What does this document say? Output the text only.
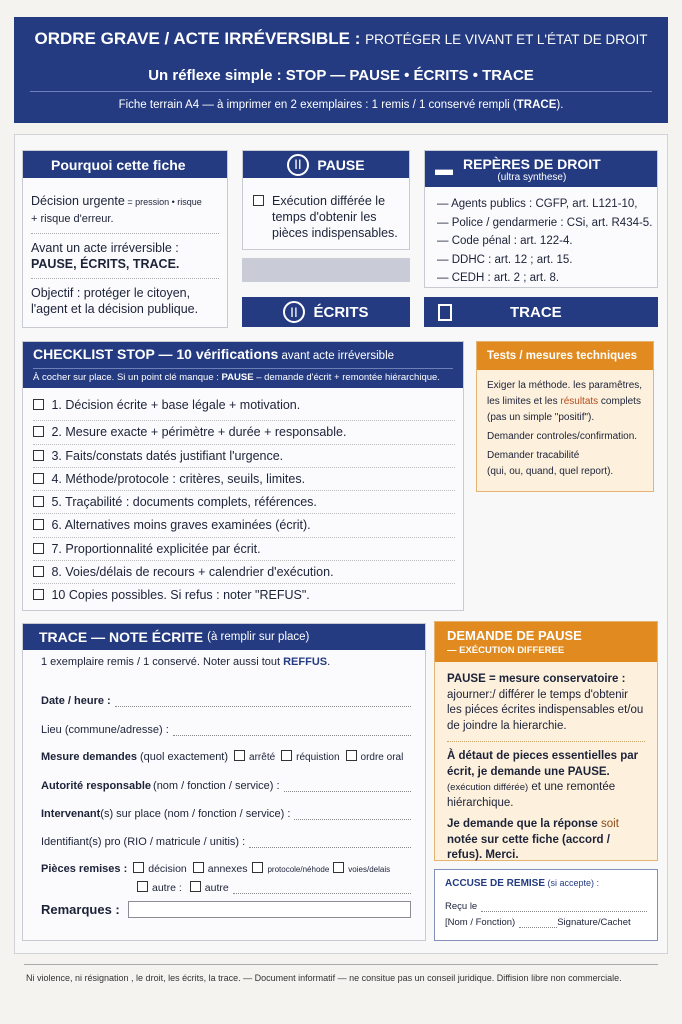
ORDRE GRAVE / ACTE IRRÉVERSIBLE : PROTÉGER LE VIVANT ET L'ÉTAT DE DROIT
Un réflexe simple : STOP — PAUSE • ÉCRITS • TRACE
Fiche terrain A4 — à imprimer en 2 exemplaires : 1 remis / 1 conservé rempli (TRACE).
Pourquoi cette fiche
Décision urgente = pression • risque
+ risque d'erreur.
Avant un acte irréversible :
PAUSE, ÉCRITS, TRACE.
Objectif : protéger le citoyen, l'agent et la décision publique.
||	PAUSE
Exécution différée le temps d'obtenir les pièces indispensables.
▬ REPÈRES DE DROIT
(ultra synthese)
— Agents publics : CGFP, art. L121-10,
— Police / gendarmerie : CSi, art. R434-5.
— Code pénal : art. 122-4.
— DDHC : art. 12 ; art. 15.
— CEDH : art. 2 ; art. 8.
||	ÉCRITS	TRACE
CHECKLIST STOP — 10 vérifications avant acte irréversible
À cocher sur place. Si un point clé manque : PAUSE – demande d'écrit + remontée hiérarchique.
1. Décision écrite + base légale + motivation.
2. Mesure exacte + périmètre + durée + responsable.
3. Faits/constats datés justifiant l'urgence.
4. Méthode/protocole : critères, seuils, limites.
5. Traçabilité : documents complets, références.
6. Alternatives moins graves examinées (écrit).
7. Proportionnalité explicitée par écrit.
8. Voies/délais de recours + calendrier d'exécution.
10 Copies possibles. Si refus : noter "REFUS".
Tests / mesures techniques
Exiger la méthode. les paramêtres, les limites et les résultats complets (pas un simple "positif").
Demander controles/confirmation.
Demander tracabilité
(qui, ou, quand, quel report).
TRACE — NOTE ÉCRITE (à remplir sur place)
1 exemplaire remis / 1 conservé. Noter aussi tout REFFUS.
Date / heure :
Lieu (commune/adresse) :
Mesure demandes (quol exactement)	arrêté	réquistion	ordre oral
Autorité responsable (nom / fonction / service) :
Intervenant (s) sur place (nom / fonction / service) :
Identifiant(s) pro (RIO / matricule / unitis) :
Pièces remises :	décision	annexes	protocole/néhode	voies/delais
autre :	autre
Remarques :
DEMANDE DE PAUSE
— EXÉCUTION DIFFEREE
PAUSE = mesure conservatoire :
ajourner:/ différer le temps d'obtenir les piéces écrites indispensables et/ou de joindre la hierarchie.
À détaut de pieces essentielles par écrit, je demande une PAUSE.
(exécution différée) et une remontée hiérarchique.
Je demande que la réponse soit notée sur cette fiche (accord / refus). Merci.
ACCUSE DE REMISE (si accepte) :
Reçu le
[Nom / Fonction)	Signature/Cachet
Ni violence, ni résignation , le droit, les écrits, la trace. — Document informatif — ne consitue pas un conseil juridique. Diffision libre non commerciale.
